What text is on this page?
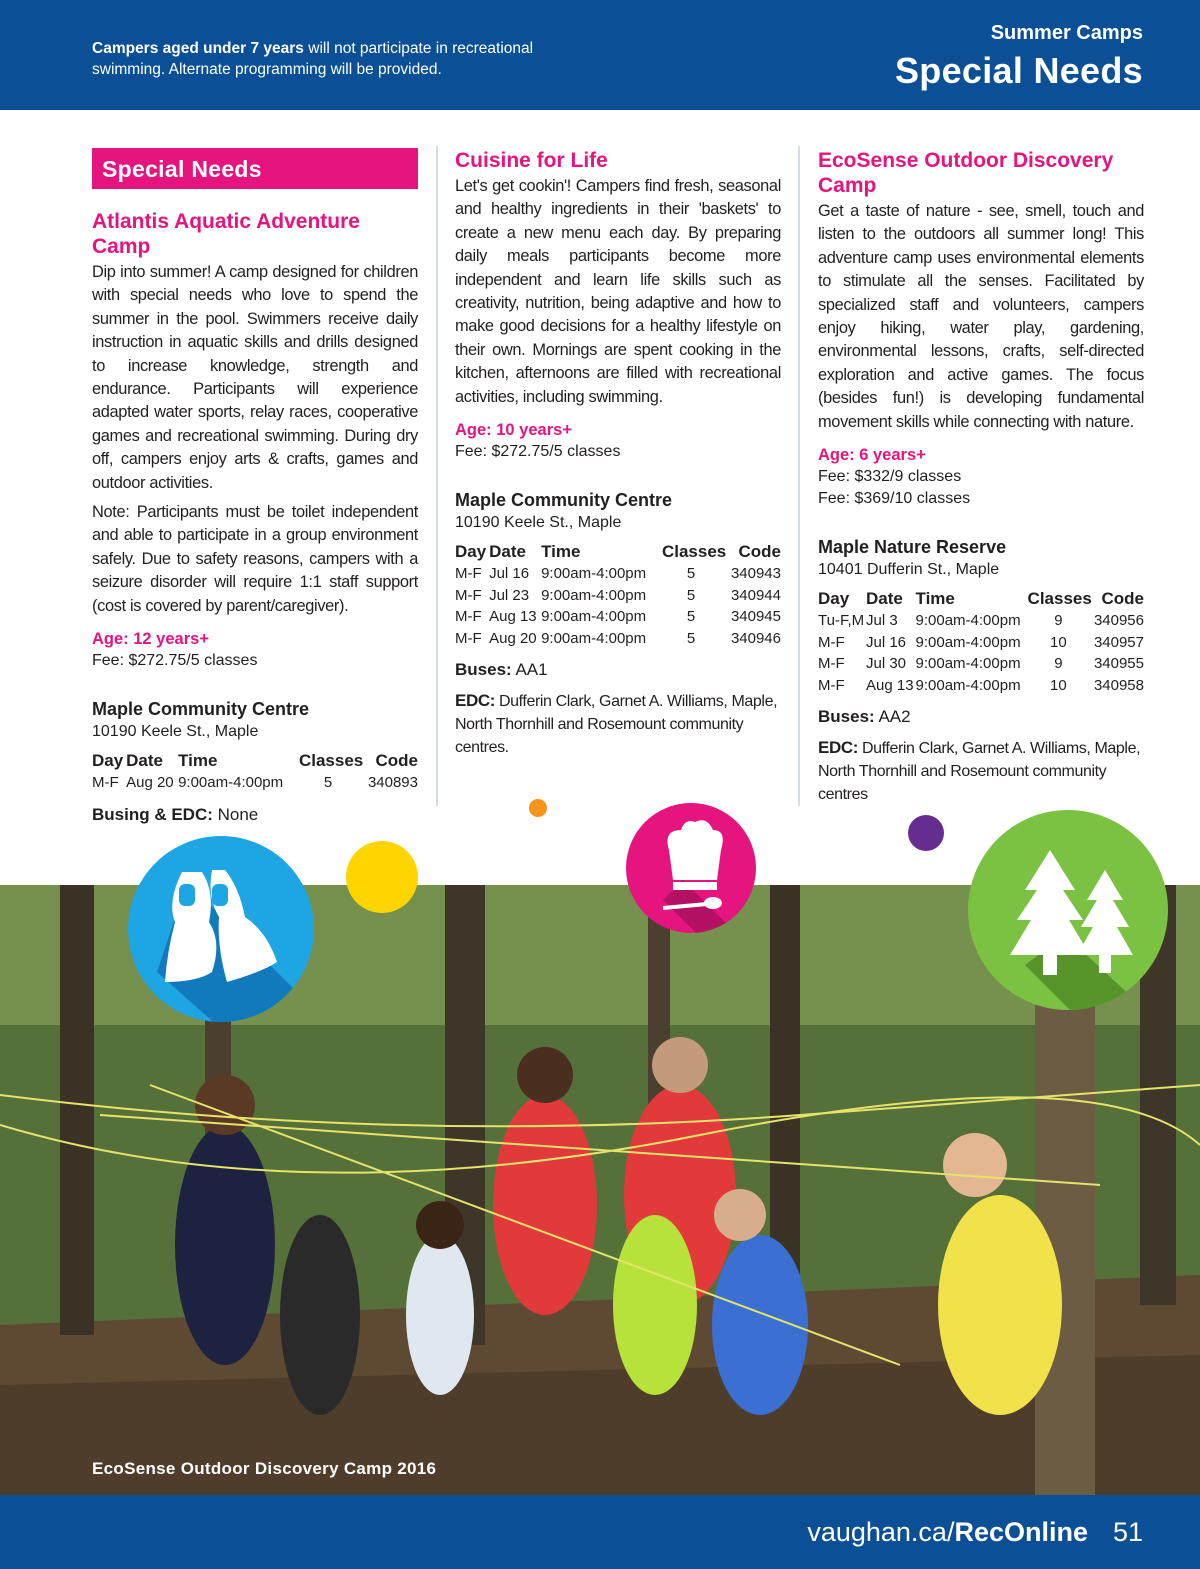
Campers aged under 7 years will not participate in recreational swimming. Alternate programming will be provided.
Summer Camps
Special Needs
Special Needs
Atlantis Aquatic Adventure Camp

Dip into summer! A camp designed for children with special needs who love to spend the summer in the pool. Swimmers receive daily instruction in aquatic skills and drills designed to increase knowledge, strength and endurance. Participants will experience adapted water sports, relay races, cooperative games and recreational swimming. During dry off, campers enjoy arts & crafts, games and outdoor activities.

Note: Participants must be toilet independent and able to participate in a group environment safely. Due to safety reasons, campers with a seizure disorder will require 1:1 staff support (cost is covered by parent/caregiver).

Age: 12 years+
Fee: $272.75/5 classes
Maple Community Centre
10190 Keele St., Maple
Day	Date	Time	Classes	Code
M-F	Aug 20	9:00am-4:00pm	5	340893
Busing & EDC: None
Cuisine for Life

Let's get cookin'! Campers find fresh, seasonal and healthy ingredients in their 'baskets' to create a new menu each day. By preparing daily meals participants become more independent and learn life skills such as creativity, nutrition, being adaptive and how to make good decisions for a healthy lifestyle on their own. Mornings are spent cooking in the kitchen, afternoons are filled with recreational activities, including swimming.

Age: 10 years+
Fee: $272.75/5 classes
Maple Community Centre
10190 Keele St., Maple
Day	Date	Time	Classes	Code
M-F	Jul 16	9:00am-4:00pm	5	340943
M-F	Jul 23	9:00am-4:00pm	5	340944
M-F	Aug 13	9:00am-4:00pm	5	340945
M-F	Aug 20	9:00am-4:00pm	5	340946
Buses: AA1
EDC: Dufferin Clark, Garnet A. Williams, Maple, North Thornhill and Rosemount community centres.
EcoSense Outdoor Discovery Camp

Get a taste of nature - see, smell, touch and listen to the outdoors all summer long! This adventure camp uses environmental elements to stimulate all the senses. Facilitated by specialized staff and volunteers, campers enjoy hiking, water play, gardening, environmental lessons, crafts, self-directed exploration and active games. The focus (besides fun!) is developing fundamental movement skills while connecting with nature.

Age: 6 years+
Fee: $332/9 classes
Fee: $369/10 classes
Maple Nature Reserve
10401 Dufferin St., Maple
Day	Date	Time	Classes	Code
Tu-F,M	Jul 3	9:00am-4:00pm	9	340956
M-F	Jul 16	9:00am-4:00pm	10	340957
M-F	Jul 30	9:00am-4:00pm	9	340955
M-F	Aug 13	9:00am-4:00pm	10	340958
Buses: AA2
EDC: Dufferin Clark, Garnet A. Williams, Maple, North Thornhill and Rosemount community centres
EcoSense Outdoor Discovery Camp 2016
vaughan.ca/RecOnline 51
